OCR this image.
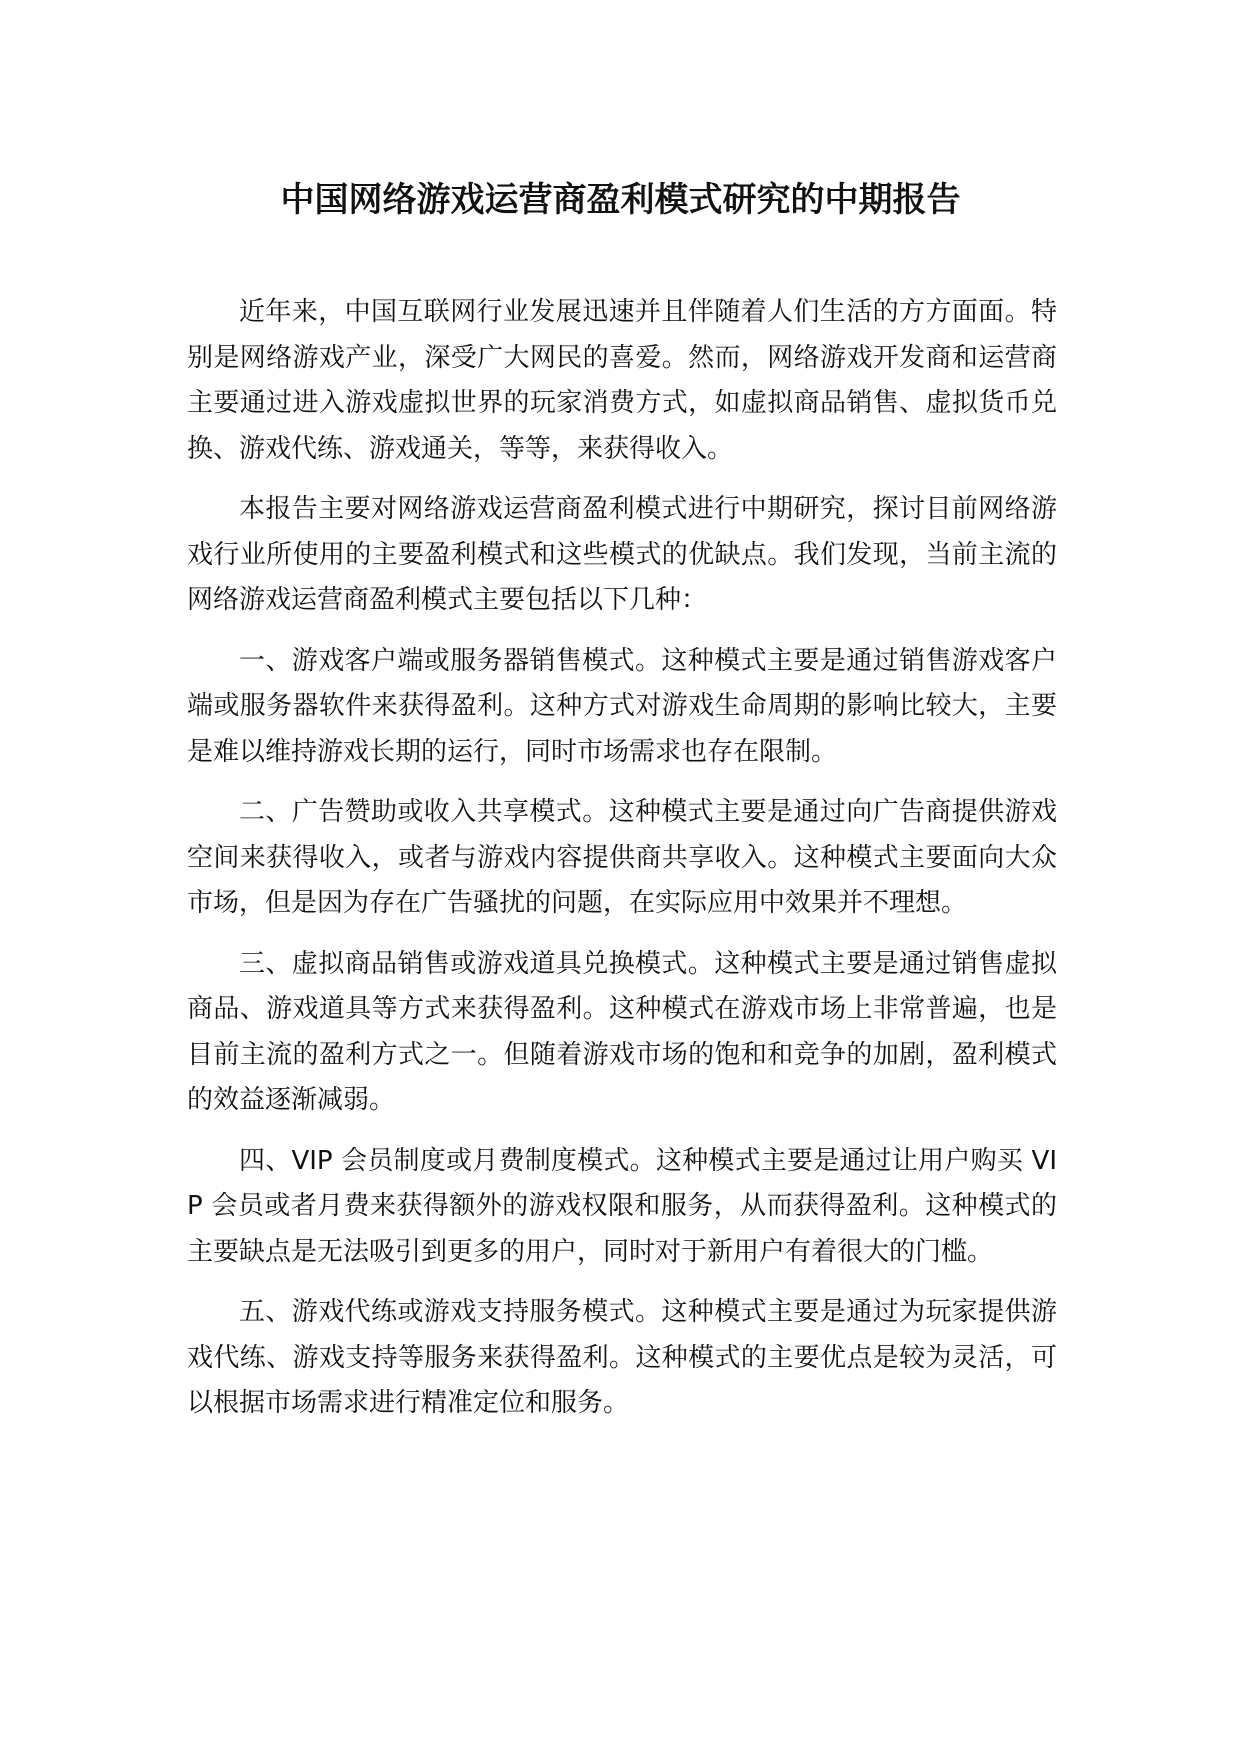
中国网络游戏运营商盈利模式研究的中期报告

近年来，中国互联网行业发展迅速并且伴随着人们生活的方方面面。特别是网络游戏产业，深受广大网民的喜爱。然而，网络游戏开发商和运营商主要通过进入游戏虚拟世界的玩家消费方式，如虚拟商品销售、虚拟货币兑换、游戏代练、游戏通关，等等，来获得收入。

本报告主要对网络游戏运营商盈利模式进行中期研究，探讨目前网络游戏行业所使用的主要盈利模式和这些模式的优缺点。我们发现，当前主流的网络游戏运营商盈利模式主要包括以下几种：

一、游戏客户端或服务器销售模式。这种模式主要是通过销售游戏客户端或服务器软件来获得盈利。这种方式对游戏生命周期的影响比较大，主要是难以维持游戏长期的运行，同时市场需求也存在限制。

二、广告赞助或收入共享模式。这种模式主要是通过向广告商提供游戏空间来获得收入，或者与游戏内容提供商共享收入。这种模式主要面向大众市场，但是因为存在广告骚扰的问题，在实际应用中效果并不理想。

三、虚拟商品销售或游戏道具兑换模式。这种模式主要是通过销售虚拟商品、游戏道具等方式来获得盈利。这种模式在游戏市场上非常普遍，也是目前主流的盈利方式之一。但随着游戏市场的饱和和竞争的加剧，盈利模式的效益逐渐减弱。

四、VIP 会员制度或月费制度模式。这种模式主要是通过让用户购买 VIP 会员或者月费来获得额外的游戏权限和服务，从而获得盈利。这种模式的主要缺点是无法吸引到更多的用户，同时对于新用户有着很大的门槛。

五、游戏代练或游戏支持服务模式。这种模式主要是通过为玩家提供游戏代练、游戏支持等服务来获得盈利。这种模式的主要优点是较为灵活，可以根据市场需求进行精准定位和服务。
